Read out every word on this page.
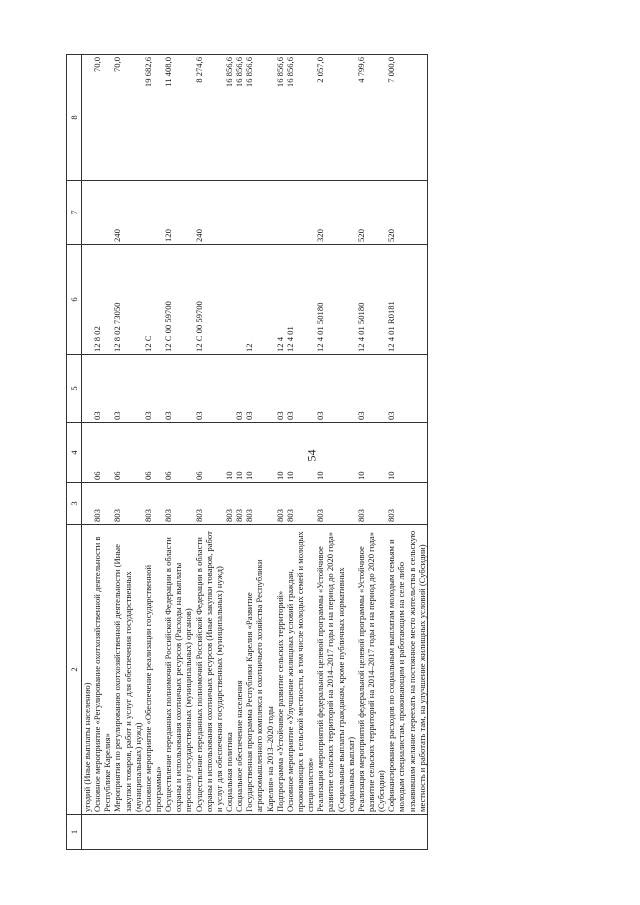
54
1	2	3	4	5	6	7	8
	угодий (Иные выплаты населению)						
	Основное мероприятие «Регулирование охотхозяйственной деятельности в Республике Карелия»	803	06	03	12 8 02		70,0

	Мероприятия по регулированию охотхозяйственной деятельности (Иные закупки товаров, работ и услуг для обеспечения государственных (муниципальных) нужд)	803	06	03	12 8 02 73050	240	70,0

	Основное мероприятие «Обеспечение реализации государственной программы»	803	06	03	12 С		19 682,6

	Осуществление переданных полномочий Российской Федерации в области охраны и использования охотничьих ресурсов (Расходы на выплаты персоналу государственных (муниципальных) органов)	803	06	03	12 С 00 59700	120	11 408,0

	Осуществление переданных полномочий Российской Федерации в области охраны и использования охотничьих ресурсов (Иные закупки товаров, работ и услуг для обеспечения государственных (муниципальных) нужд)	803	06	03	12 С 00 59700	240	8 274,6

	Социальная политика	803	10				16 856,6

	Социальное обеспечение населения	803	10	03			16 856,6

	Государственная программа Республики Карелия «Развитие агропромышленного комплекса и охотничьего хозяйства Республики Карелия» на 2013–2020 годы	803	10	03	12		16 856,6

	Подпрограмма «Устойчивое развитие сельских территорий»	803	10	03	12 4		16 856,6

	Основное мероприятие «Улучшение жилищных условий граждан, проживающих в сельской местности, в том числе молодых семей и молодых специалистов»	803	10	03	12 4 01		16 856,6

	Реализация мероприятий федеральной целевой программы «Устойчивое развитие сельских территорий на 2014–2017 годы и на период до 2020 года» (Социальные выплаты гражданам, кроме публичных нормативных социальных выплат)	803	10	03	12 4 01 50180	320	2 057,0

	Реализация мероприятий федеральной целевой программы «Устойчивое развитие сельских территорий на 2014–2017 годы и на период до 2020 года» (Субсидии)	803	10	03	12 4 01 50180	520	4 799,6

	Софинансирование расходов по социальным выплатам молодым семьям и молодым специалистам, проживающим и работающим на селе либо изъявившим желание переехать на постоянное место жительства в сельскую местность и работать там, на улучшение жилищных условий (Субсидии)	803	10	03	12 4 01 R0181	520	7 000,0
